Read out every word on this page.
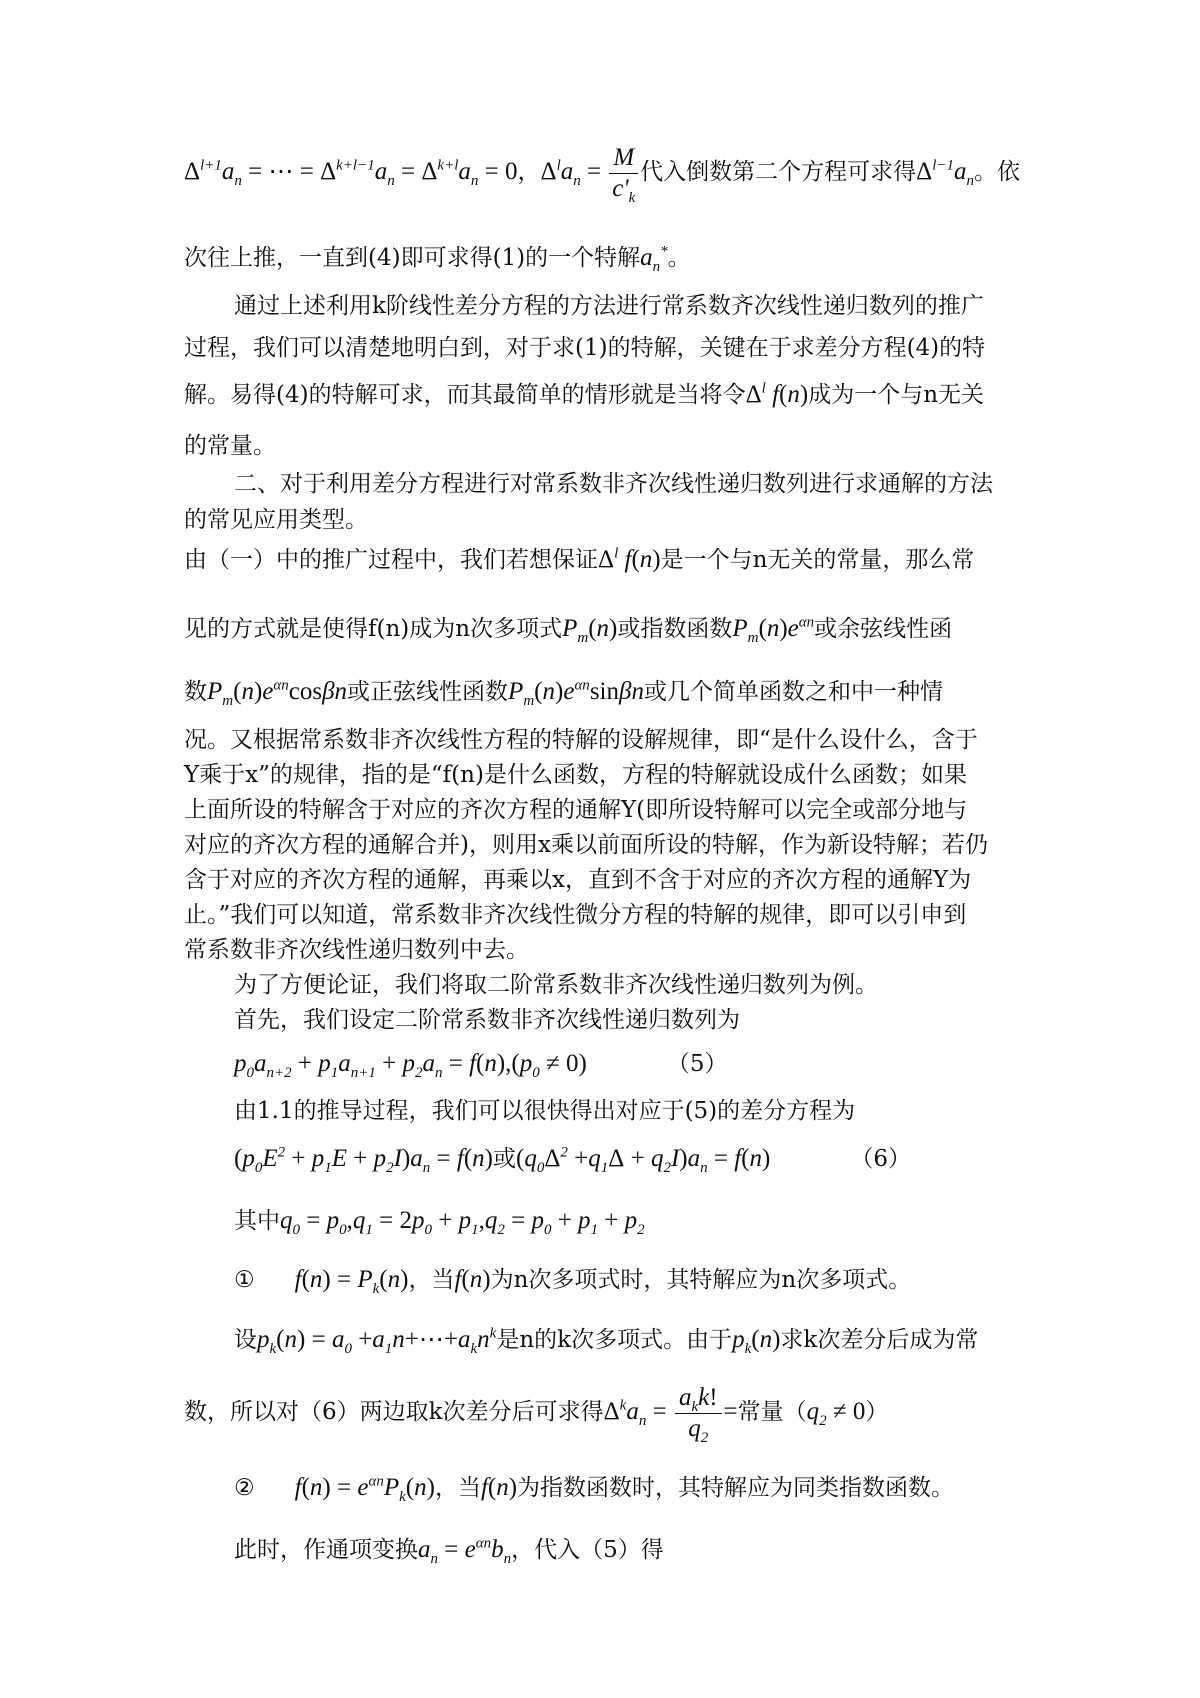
$\Delta^{l+1}a_n$ = ⋯ = $\Delta^{k+l-1}a_n = \Delta^{k+l}a_n = 0$，$\Delta^la_n = \frac{M}{c'_k}$ 代入倒数第二个方程可求得$\Delta^{l-1}a_n$。依
次往上推，一直到(4)即可求得(1)的一个特解$a_n^*$。
通过上述利用k阶线性差分方程的方法进行常系数齐次线性递归数列的推广
过程，我们可以清楚地明白到，对于求(1)的特解，关键在于求差分方程(4)的特
解。易得(4)的特解可求，而其最简单的情形就是当将令$\Delta^l$ f(n)成为一个与n无关
的常量。
二、对于利用差分方程进行对常系数非齐次线性递归数列进行求通解的方法
的常见应用类型。
由（一）中的推广过程中，我们若想保证$\Delta^l$ f(n)是一个与n无关的常量，那么常
见的方式就是使得f(n)成为n次多项式$P_m(n)$或指数函数$P_m(n)e^{\alpha n}$或余弦线性函
数$P_m(n)e^{\alpha n}\cos\beta n$或正弦线性函数$P_m(n)e^{\alpha n}\sin\beta n$或几个简单函数之和中一种情
况。又根据常系数非齐次线性方程的特解的设解规律，即“是什么设什么，含于
Y乘于x”的规律，指的是“f(n)是什么函数，方程的特解就设成什么函数；如果
上面所设的特解含于对应的齐次方程的通解Y(即所设特解可以完全或部分地与
对应的齐次方程的通解合并)，则用x乘以前面所设的特解，作为新设特解；若仍
含于对应的齐次方程的通解，再乘以x，直到不含于对应的齐次方程的通解Y为
止。”我们可以知道，常系数非齐次线性微分方程的特解的规律，即可以引申到
常系数非齐次线性递归数列中去。
为了方便论证，我们将取二阶常系数非齐次线性递归数列为例。
首先，我们设定二阶常系数非齐次线性递归数列为
$p_0a_{n+2} + p_1a_{n+1} + p_2a_n = f(n),(p_0 \ne 0)$	（5）
由1.1的推导过程，我们可以很快得出对应于(5)的差分方程为
$(p_0E^2 + p_1E + p_2I)a_n = f(n)$或$(q_0\Delta^2 +q_1\Delta + q_2I)a_n = f(n)$	（6）
其中$q_0 = p_0,q_1 = 2p_0 + p_1,q_2 = p_0 + p_1 + p_2$
① $f(n) = P_k(n)$，当f(n)为n次多项式时，其特解应为n次多项式。
设$p_k(n) = a_0$ $+a_1n+\cdots+a_kn^k$是n的k次多项式。由于$p_k(n)$求k次差分后成为常
数，所以对（6）两边取k次差分后可求得$\Delta^ka_n = \frac{a_kk!}{q_2}$ =常量$(q_2 \ne 0)$
② $f(n) = e^{\alpha n}P_k(n)$，当f(n)为指数函数时，其特解应为同类指数函数。
此时，作通项变换$a_n = e^{\alpha n}b_n$，代入（5）得
